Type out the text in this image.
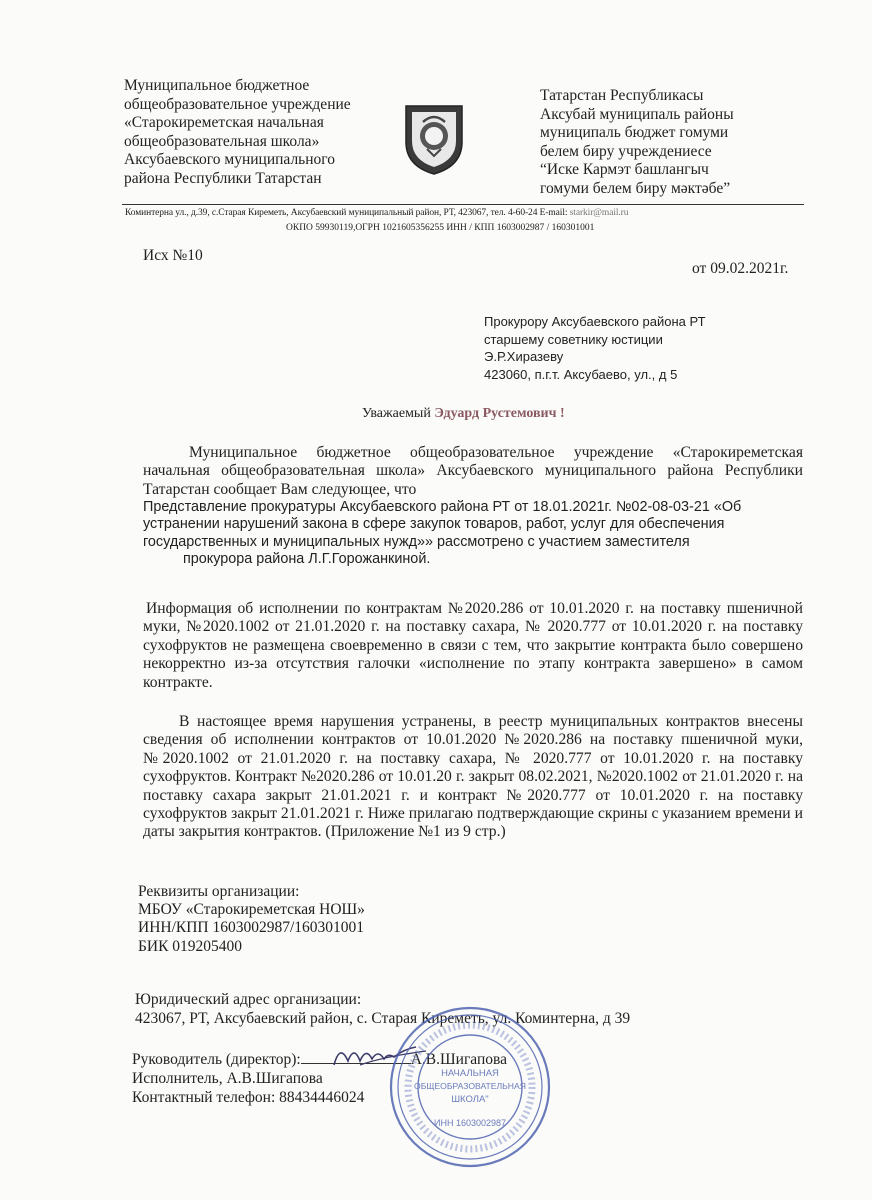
Муниципальное бюджетное
общеобразовательное учреждение
«Старокиреметская начальная
общеобразовательная школа»
Аксубаевского муниципального
района Республики Татарстан
Татарстан Республикасы
Аксубай муниципаль районы
муниципаль бюджет гомуми
белем биру учреждениесе
“Иске Кармэт башлангыч
гомуми белем биру мәктәбе”
Коминтерна ул., д.39, с.Старая Киреметь, Аксубаевский муниципальный район, РТ, 423067, тел. 4-60-24 E-mail: starkir@mail.ru
ОКПО 59930119,ОГРН 1021605356255 ИНН / КПП 1603002987 / 160301001
Исх №10
от 09.02.2021г.
Прокурору Аксубаевского района РТ
старшему советнику юстиции
Э.Р.Хиразеву
423060, п.г.т. Аксубаево, ул., д 5
Уважаемый Эдуард Рустемович !
Муниципальное бюджетное общеобразовательное учреждение «Старокиреметская начальная общеобразовательная школа» Аксубаевского муниципального района Республики Татарстан сообщает Вам следующее, что
Представление прокуратуры Аксубаевского района РТ от 18.01.2021г. №02-08-03-21 «Об
устранении нарушений закона в сфере закупок товаров, работ, услуг для обеспечения
государственных и муниципальных нужд»» рассмотрено с участием заместителя
прокурора района Л.Г.Горожанкиной.
Информация об исполнении по контрактам №2020.286 от 10.01.2020 г. на поставку пшеничной муки, №2020.1002 от 21.01.2020 г. на поставку сахара, № 2020.777 от 10.01.2020 г. на поставку сухофруктов не размещена своевременно в связи с тем, что закрытие контракта было совершено некорректно из-за отсутствия галочки «исполнение по этапу контракта завершено» в самом контракте.
В настоящее время нарушения устранены, в реестр муниципальных контрактов внесены сведения об исполнении контрактов от 10.01.2020 №2020.286 на поставку пшеничной муки, №2020.1002 от 21.01.2020 г. на поставку сахара, № 2020.777 от 10.01.2020 г. на поставку сухофруктов. Контракт №2020.286 от 10.01.20 г. закрыт 08.02.2021, №2020.1002 от 21.01.2020 г. на поставку сахара закрыт 21.01.2021 г. и контракт №2020.777 от 10.01.2020 г. на поставку сухофруктов закрыт 21.01.2021 г. Ниже прилагаю подтверждающие скрины с указанием времени и даты закрытия контрактов. (Приложение №1 из 9 стр.)
Реквизиты организации:
МБОУ «Старокиреметская НОШ»
ИНН/КПП 1603002987/160301001
БИК 019205400
Юридический адрес организации:
423067, РТ, Аксубаевский район, с. Старая Киреметь, ул. Коминтерна, д 39
Руководитель (директор):	А.В.Шигапова
Исполнитель, А.В.Шигапова
Контактный телефон: 88434446024
НАЧАЛЬНАЯ
ОБЩЕОБРАЗОВАТЕЛЬНАЯ
ШКОЛА"
ИНН 1603002987
